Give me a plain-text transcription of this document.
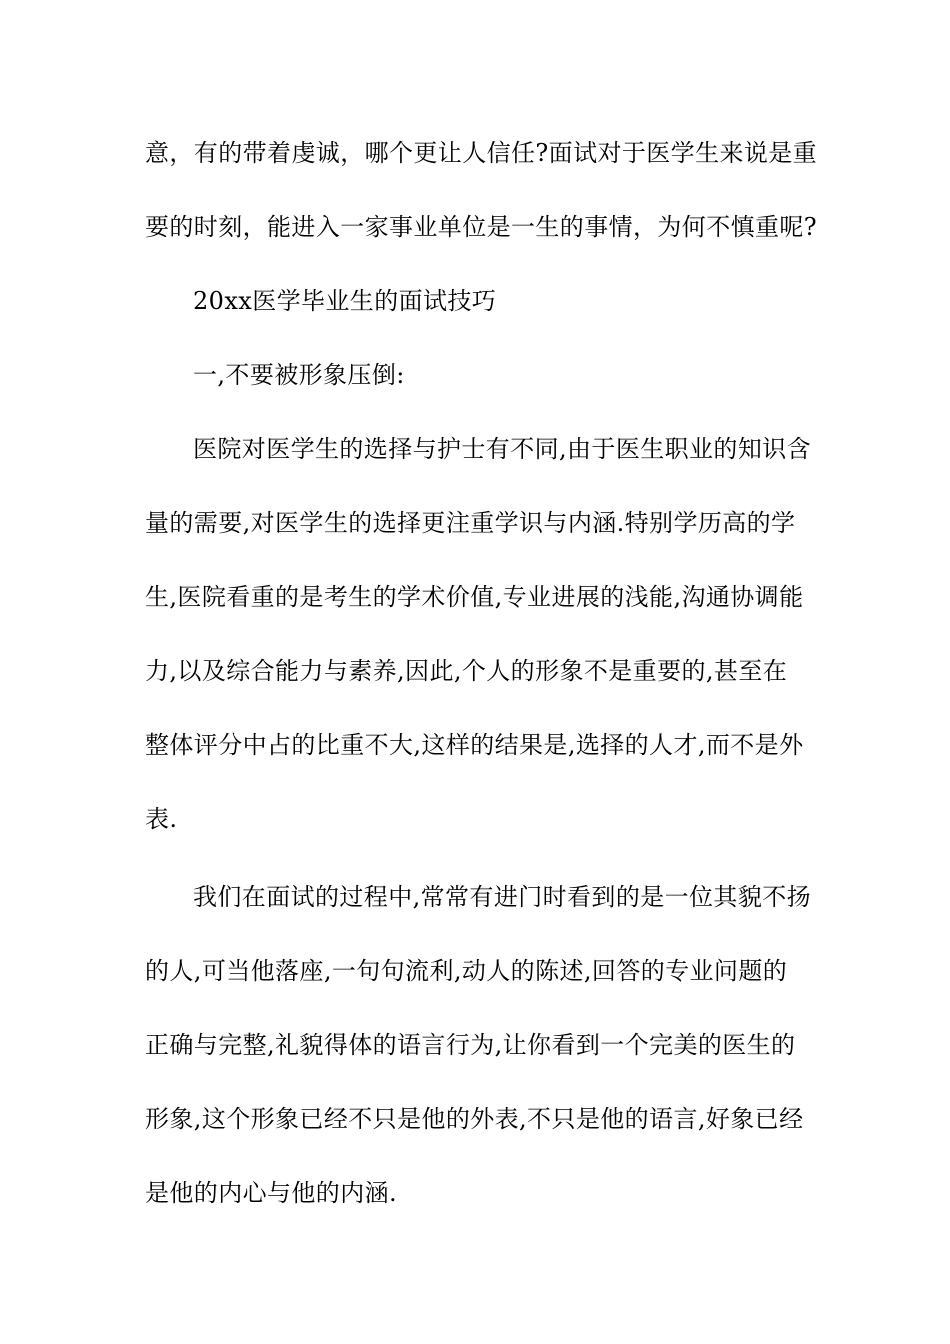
意，有的带着虔诚，哪个更让人信任?面试对于医学生来说是重
要的时刻，能进入一家事业单位是一生的事情，为何不慎重呢?
20xx医学毕业生的面试技巧
一,不要被形象压倒:
医院对医学生的选择与护士有不同,由于医生职业的知识含
量的需要,对医学生的选择更注重学识与内涵.特别学历高的学
生,医院看重的是考生的学术价值,专业进展的浅能,沟通协调能
力,以及综合能力与素养,因此,个人的形象不是重要的,甚至在
整体评分中占的比重不大,这样的结果是,选择的人才,而不是外
表.
我们在面试的过程中,常常有进门时看到的是一位其貌不扬
的人,可当他落座,一句句流利,动人的陈述,回答的专业问题的
正确与完整,礼貌得体的语言行为,让你看到一个完美的医生的
形象,这个形象已经不只是他的外表,不只是他的语言,好象已经
是他的内心与他的内涵.
